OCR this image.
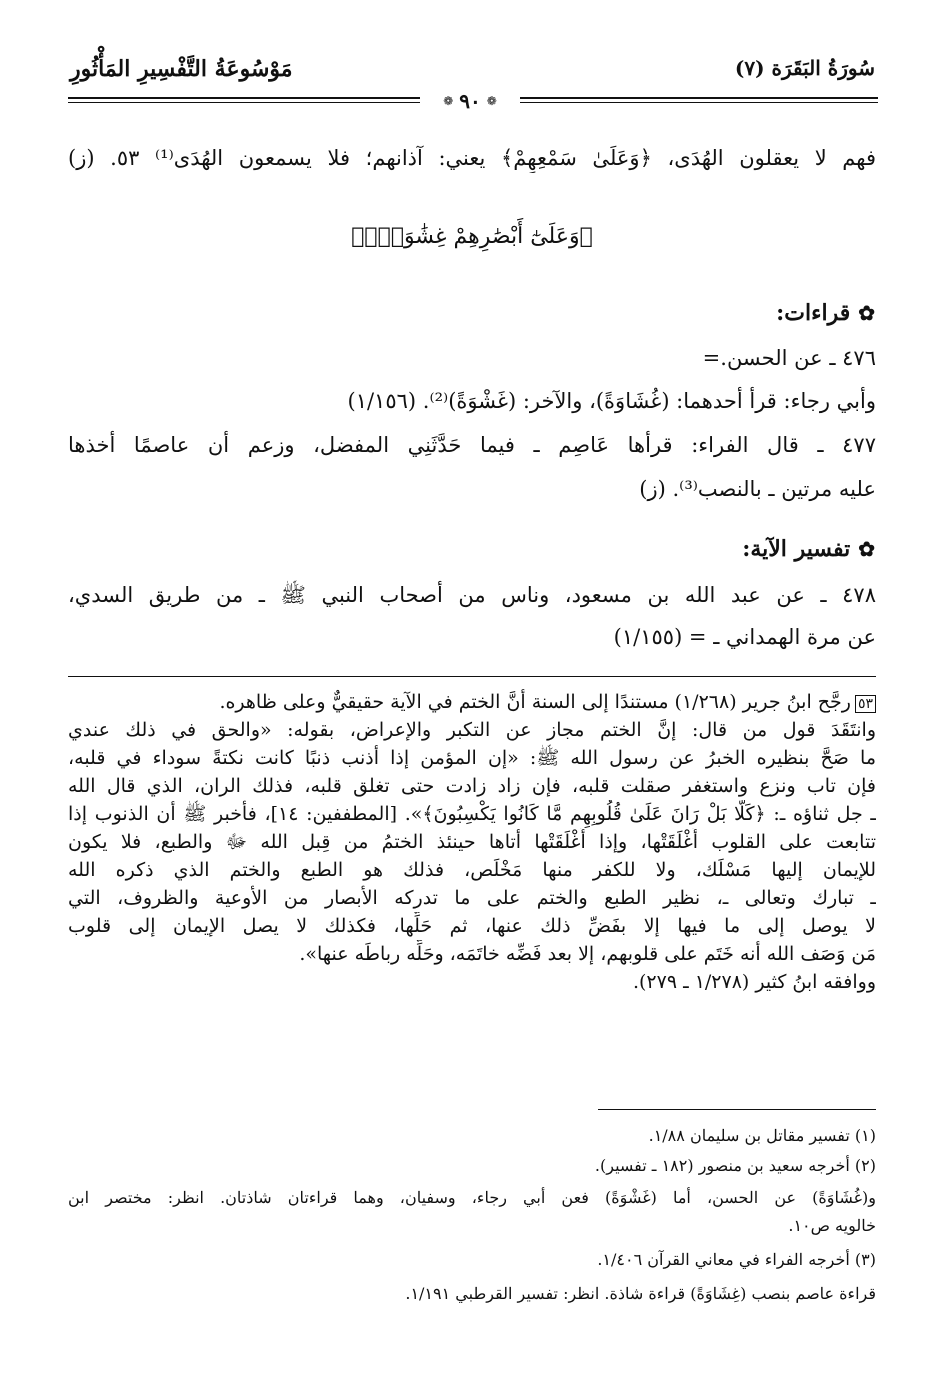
سُورَةُ البَقَرَة (٧)
مَوْسُوعَةُ التَّفْسِيرِ المَأْثُورِ
❁ ٩٠ ❁
فهم لا يعقلون الهُدَى، ﴿وَعَلَىٰ سَمْعِهِمْ﴾ يعني: آذانهم؛ فلا يسمعون الهُدَى⁽¹⁾ ٥٣. (ز)
﴿وَعَلَىٰٓ أَبْصَٰرِهِمْ غِشَٰوَةٌۖ﴾
✿قراءات:
٤٧٦ ـ عن الحسن.=
وأبي رجاء: قرأ أحدهما: (غُشَاوَةً)، والآخر: (غَشْوَةً)⁽²⁾. (١/١٥٦)
٤٧٧ ـ قال الفراء: قرأها عَاصِم ـ فيما حَدَّثَنِي المفضل، وزعم أن عاصمًا أخذها
عليه مرتين ـ بالنصب⁽³⁾. (ز)
✿تفسير الآية:
٤٧٨ ـ عن عبد الله بن مسعود، وناس من أصحاب النبي ﷺ ـ من طريق السدي،
عن مرة الهمداني ـ = (١/١٥٥)
٥٣رجَّح ابنُ جرير (١/٢٦٨) مستندًا إلى السنة أنَّ الختم في الآية حقيقيٌّ وعلى ظاهره.
وانتَقَدَ قول من قال: إنَّ الختم مجاز عن التكبر والإعراض، بقوله: «والحق في ذلك عندي
ما صَحَّ بنظيره الخبرُ عن رسول الله ﷺ: «إن المؤمن إذا أذنب ذنبًا كانت نكتةً سوداء في قلبه،
فإن تاب ونزع واستغفر صقلت قلبه، فإن زاد زادت حتى تغلق قلبه، فذلك الران، الذي قال الله
ـ جل ثناؤه ـ: ﴿كَلَّا بَلْ رَانَ عَلَىٰ قُلُوبِهِم مَّا كَانُوا يَكْسِبُونَ﴾». [المطففين: ١٤]، فأخبر ﷺ أن الذنوب إذا
تتابعت على القلوب أَغْلَقَتْها، وإذا أَغْلَقَتْها أتاها حينئذ الختمُ من قِبل الله ﷻ والطبع، فلا يكون
للإيمان إليها مَسْلَك، ولا للكفر منها مَخْلَص، فذلك هو الطبع والختم الذي ذكره الله
ـ تبارك وتعالى ـ، نظير الطبع والختم على ما تدركه الأبصار من الأوعية والظروف، التي
لا يوصل إلى ما فيها إلا بفَضِّ ذلك عنها، ثم حَلِّها، فكذلك لا يصل الإيمان إلى قلوب
مَن وَصَف الله أنه خَتَم على قلوبهم، إلا بعد فَضِّه خاتَمَه، وحَلِّه رباطَه عنها».
ووافقه ابنُ كثير (١/٢٧٨ ـ ٢٧٩).
(١) تفسير مقاتل بن سليمان ١/٨٨.
(٢) أخرجه سعيد بن منصور (١٨٢ ـ تفسير).
و(غُشَاوَةً) عن الحسن، أما (غَشْوَةً) فعن أبي رجاء، وسفيان، وهما قراءتان شاذتان. انظر: مختصر ابن
خالويه ص١٠.
(٣) أخرجه الفراء في معاني القرآن ١/٤٠٦.
قراءة عاصم بنصب (غِشَاوَةً) قراءة شاذة. انظر: تفسير القرطبي ١/١٩١.
